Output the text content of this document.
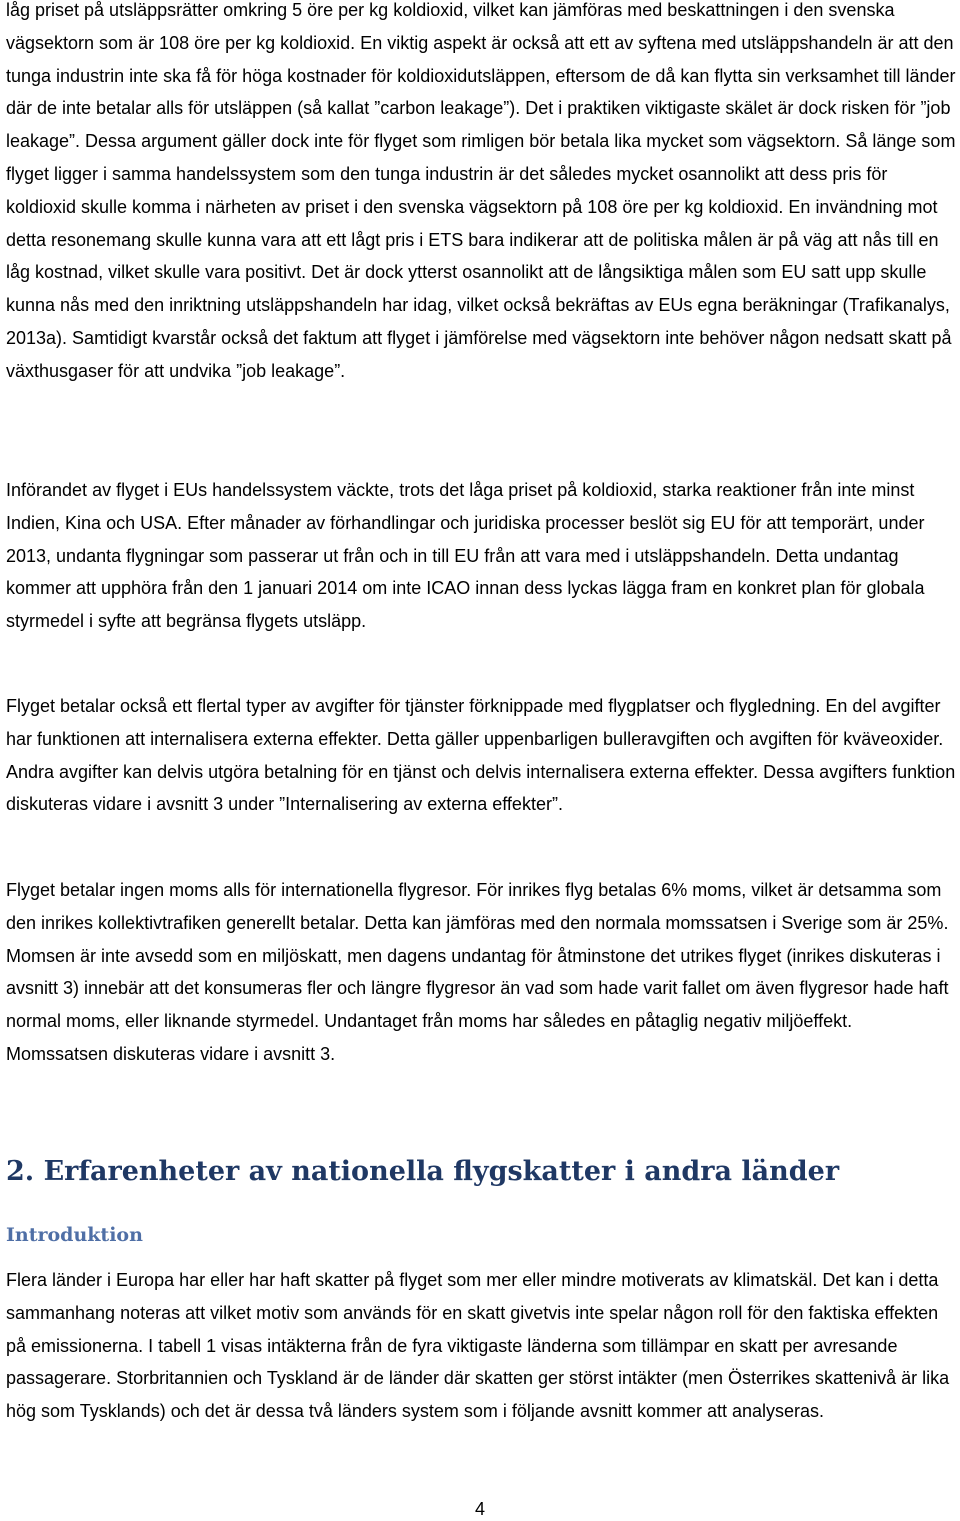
låg priset på utsläppsrätter omkring 5 öre per kg koldioxid, vilket kan jämföras med beskattningen i den svenska vägsektorn som är 108 öre per kg koldioxid. En viktig aspekt är också att ett av syftena med utsläppshandeln är att den tunga industrin inte ska få för höga kostnader för koldioxidutsläppen, eftersom de då kan flytta sin verksamhet till länder där de inte betalar alls för utsläppen (så kallat ”carbon leakage”). Det i praktiken viktigaste skälet är dock risken för ”job leakage”. Dessa argument gäller dock inte för flyget som rimligen bör betala lika mycket som vägsektorn. Så länge som flyget ligger i samma handelssystem som den tunga industrin är det således mycket osannolikt att dess pris för koldioxid skulle komma i närheten av priset i den svenska vägsektorn på 108 öre per kg koldioxid. En invändning mot detta resonemang skulle kunna vara att ett lågt pris i ETS bara indikerar att de politiska målen är på väg att nås till en låg kostnad, vilket skulle vara positivt. Det är dock ytterst osannolikt att de långsiktiga målen som EU satt upp skulle kunna nås med den inriktning utsläppshandeln har idag, vilket också bekräftas av EUs egna beräkningar (Trafikanalys, 2013a). Samtidigt kvarstår också det faktum att flyget i jämförelse med vägsektorn inte behöver någon nedsatt skatt på växthusgaser för att undvika ”job leakage”.

Införandet av flyget i EUs handelssystem väckte, trots det låga priset på koldioxid, starka reaktioner från inte minst Indien, Kina och USA. Efter månader av förhandlingar och juridiska processer beslöt sig EU för att temporärt, under 2013, undanta flygningar som passerar ut från och in till EU från att vara med i utsläppshandeln. Detta undantag kommer att upphöra från den 1 januari 2014 om inte ICAO innan dess lyckas lägga fram en konkret plan för globala styrmedel i syfte att begränsa flygets utsläpp.

Flyget betalar också ett flertal typer av avgifter för tjänster förknippade med flygplatser och flygledning. En del avgifter har funktionen att internalisera externa effekter. Detta gäller uppenbarligen bulleravgiften och avgiften för kväveoxider. Andra avgifter kan delvis utgöra betalning för en tjänst och delvis internalisera externa effekter. Dessa avgifters funktion diskuteras vidare i avsnitt 3 under ”Internalisering av externa effekter”.

Flyget betalar ingen moms alls för internationella flygresor. För inrikes flyg betalas 6% moms, vilket är detsamma som den inrikes kollektivtrafiken generellt betalar. Detta kan jämföras med den normala momssatsen i Sverige som är 25%. Momsen är inte avsedd som en miljöskatt, men dagens undantag för åtminstone det utrikes flyget (inrikes diskuteras i avsnitt 3) innebär att det konsumeras fler och längre flygresor än vad som hade varit fallet om även flygresor hade haft normal moms, eller liknande styrmedel. Undantaget från moms har således en påtaglig negativ miljöeffekt. Momssatsen diskuteras vidare i avsnitt 3.

2. Erfarenheter av nationella flygskatter i andra länder
Introduktion

Flera länder i Europa har eller har haft skatter på flyget som mer eller mindre motiverats av klimatskäl. Det kan i detta sammanhang noteras att vilket motiv som används för en skatt givetvis inte spelar någon roll för den faktiska effekten på emissionerna. I tabell 1 visas intäkterna från de fyra viktigaste länderna som tillämpar en skatt per avresande passagerare. Storbritannien och Tyskland är de länder där skatten ger störst intäkter (men Österrikes skattenivå är lika hög som Tysklands) och det är dessa två länders system som i följande avsnitt kommer att analyseras.

4
